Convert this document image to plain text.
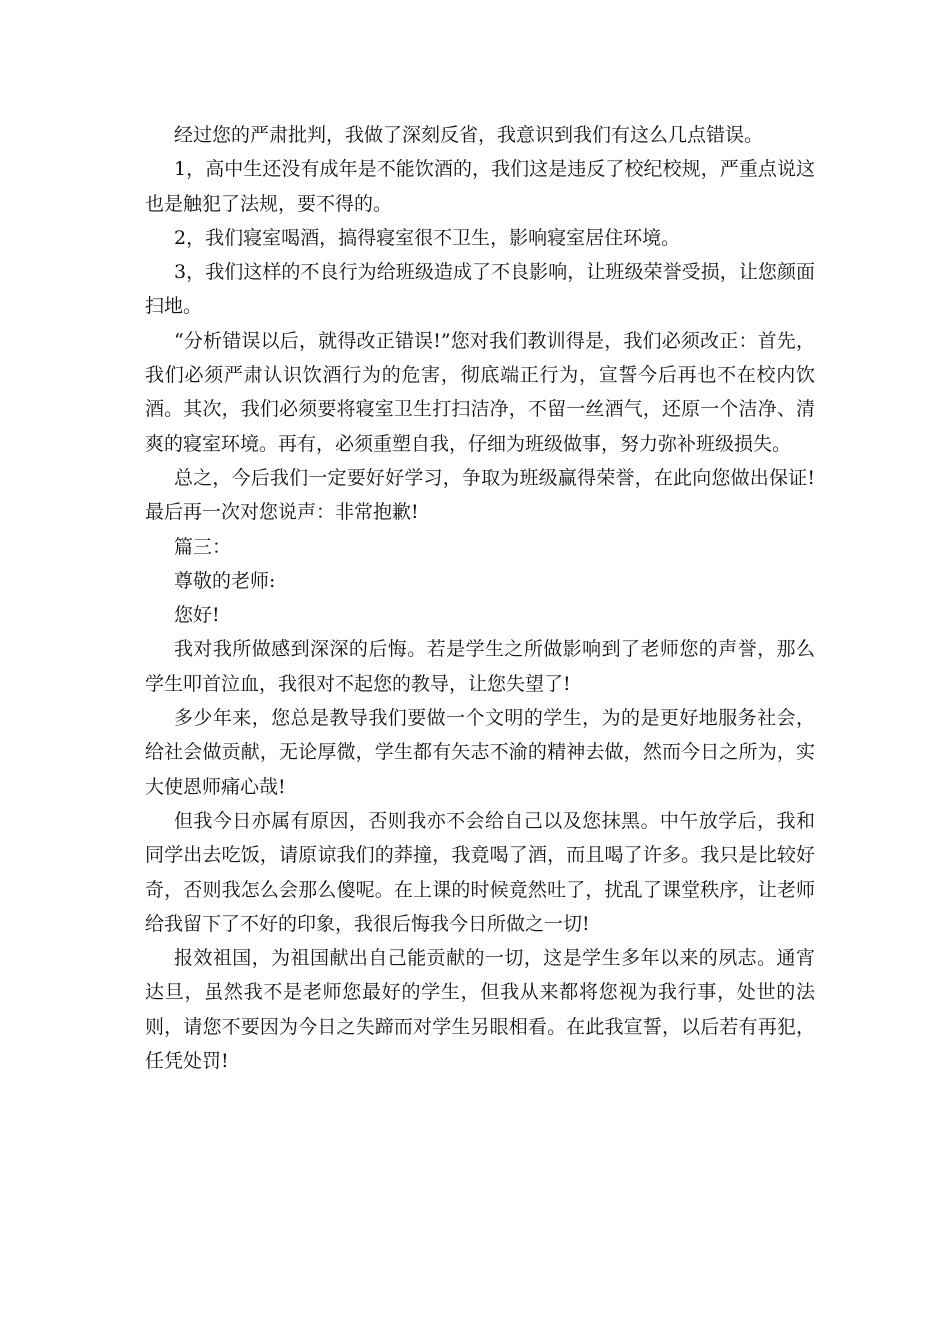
经过您的严肃批判，我做了深刻反省，我意识到我们有这么几点错误。

1，高中生还没有成年是不能饮酒的，我们这是违反了校纪校规，严重点说这也是触犯了法规，要不得的。

2，我们寝室喝酒，搞得寝室很不卫生，影响寝室居住环境。

3，我们这样的不良行为给班级造成了不良影响，让班级荣誉受损，让您颜面扫地。

“分析错误以后，就得改正错误!”您对我们教训得是，我们必须改正：首先，我们必须严肃认识饮酒行为的危害，彻底端正行为，宣誓今后再也不在校内饮酒。其次，我们必须要将寝室卫生打扫洁净，不留一丝酒气，还原一个洁净、清爽的寝室环境。再有，必须重塑自我，仔细为班级做事，努力弥补班级损失。

总之，今后我们一定要好好学习，争取为班级赢得荣誉，在此向您做出保证!最后再一次对您说声：非常抱歉!

篇三：

尊敬的老师:

您好!

我对我所做感到深深的后悔。若是学生之所做影响到了老师您的声誉，那么学生叩首泣血，我很对不起您的教导，让您失望了!

多少年来，您总是教导我们要做一个文明的学生，为的是更好地服务社会，给社会做贡献，无论厚微，学生都有矢志不渝的精神去做，然而今日之所为，实大使恩师痛心哉!

但我今日亦属有原因，否则我亦不会给自己以及您抹黑。中午放学后，我和同学出去吃饭，请原谅我们的莽撞，我竟喝了酒，而且喝了许多。我只是比较好奇，否则我怎么会那么傻呢。在上课的时候竟然吐了，扰乱了课堂秩序，让老师给我留下了不好的印象，我很后悔我今日所做之一切!

报效祖国，为祖国献出自己能贡献的一切，这是学生多年以来的夙志。通宵达旦，虽然我不是老师您最好的学生，但我从来都将您视为我行事，处世的法则，请您不要因为今日之失蹄而对学生另眼相看。在此我宣誓，以后若有再犯，任凭处罚!
